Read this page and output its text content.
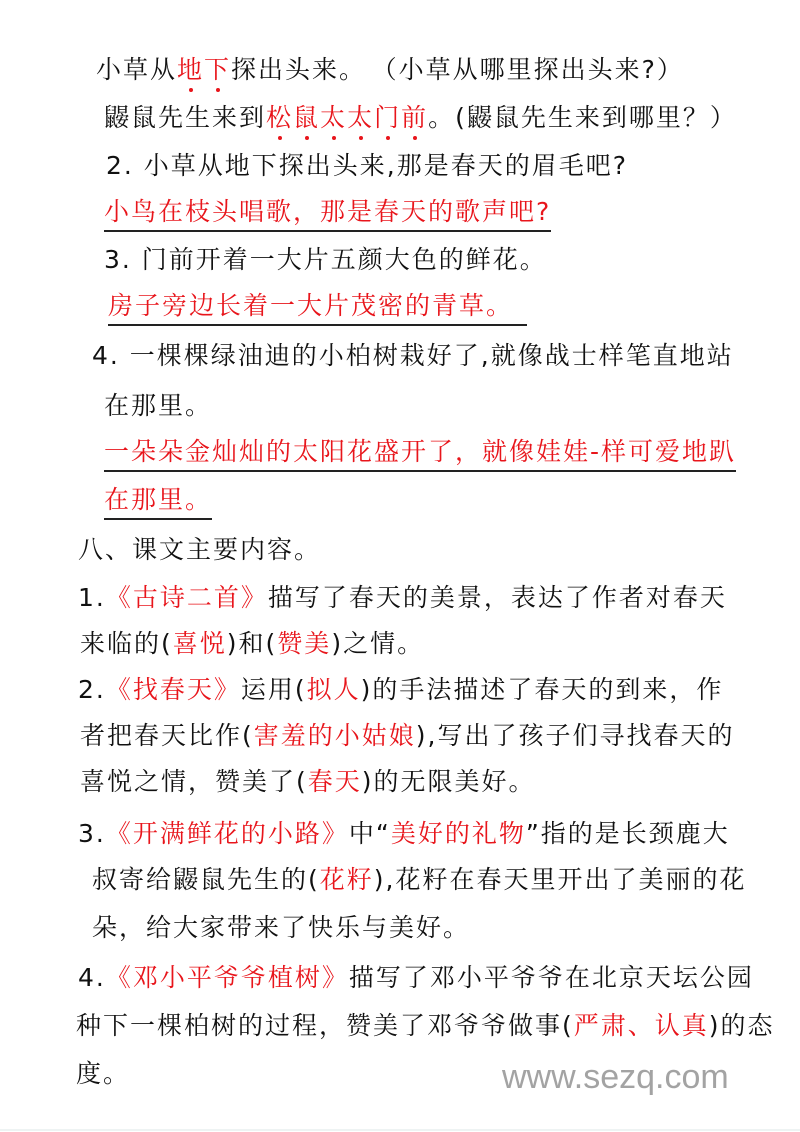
小草从地下探出头来。 （小草从哪里探出头来?）
鼹鼠先生来到松鼠太太门前。(鼹鼠先生来到哪里？）
2. 小草从地下探出头来,那是春天的眉毛吧?
小鸟在枝头唱歌，那是春天的歌声吧?
3. 门前开着一大片五颜大色的鲜花。
房子旁边长着一大片茂密的青草。
4. 一棵棵绿油迪的小柏树栽好了,就像战士样笔直地站
在那里。
一朵朵金灿灿的太阳花盛开了，就像娃娃-样可爱地趴
在那里。
八、课文主要内容。
1.《古诗二首》描写了春天的美景，表达了作者对春天
来临的(喜悦)和(赞美)之情。
2.《找春天》运用(拟人)的手法描述了春天的到来，作
者把春天比作(害羞的小姑娘),写出了孩子们寻找春天的
喜悦之情，赞美了(春天)的无限美好。
3.《开满鲜花的小路》中“美好的礼物”指的是长颈鹿大
叔寄给鼹鼠先生的(花籽),花籽在春天里开出了美丽的花
朵，给大家带来了快乐与美好。
4.《邓小平爷爷植树》描写了邓小平爷爷在北京天坛公园
种下一棵柏树的过程，赞美了邓爷爷做事(严肃、认真)的态
度。	www.sezq.com
